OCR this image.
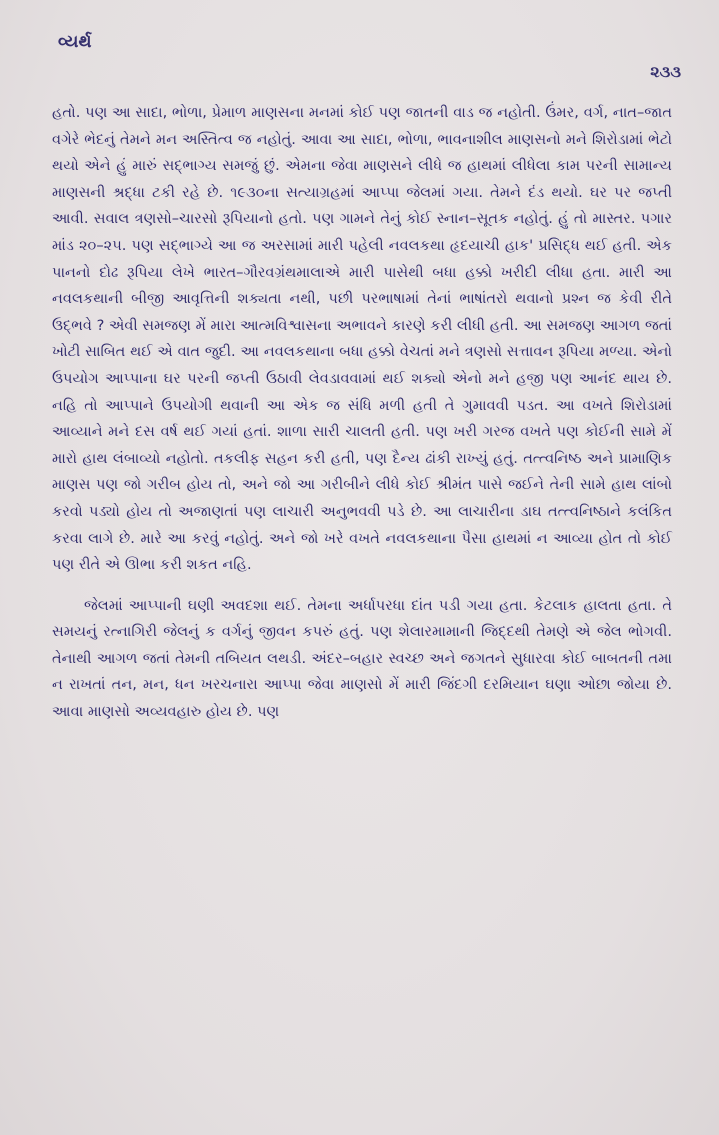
વ્યર્થ
૨૩૩

હતો. પણ આ સાદા, ભોળા, પ્રેમાળ માણસના મનમાં કોઈ પણ જાતની વાડ જ નહોતી. ઉંમર, વર્ગ, નાત–જાત વગેરે ભેદનું તેમને મન અસ્તિત્વ જ નહોતું. આવા આ સાદા, ભોળા, ભાવનાશીલ માણસનો મને શિરોડામાં ભેટો થયો એને હું મારું સદ્ભાગ્ય સમજું છું. એમના જેવા માણસને લીધે જ હાથમાં લીધેલા કામ પરની સામાન્ય માણસની શ્રદ્ધા ટકી રહે છે. ૧૯૩૦ના સત્યાગ્રહમાં આપ્પા જેલમાં ગયા. તેમને દંડ થયો. ઘર પર જપ્તી આવી. સવાલ ત્રણસો–ચારસો રૂપિયાનો હતો. પણ ગામને તેનું કોઈ સ્નાન–સૂતક નહોતું. હું તો માસ્તર. પગાર માંડ ૨૦–૨૫. પણ સદ્ભાગ્યે આ જ અરસામાં મારી પહેલી નવલકથા હૃદયાચી હાક' પ્રસિદ્ધ થઈ હતી. એક પાનનો દોઢ રૂપિયા લેખે ભારત–ગૌરવગ્રંથમાલાએ મારી પાસેથી બધા હક્કો ખરીદી લીધા હતા. મારી આ નવલકથાની બીજી આવૃત્તિની શક્યતા નથી, પછી પરભાષામાં તેનાં ભાષાંતરો થવાનો પ્રશ્ન જ કેવી રીતે ઉદ્ભવે ? એવી સમજણ મેં મારા આત્મવિશ્વાસના અભાવને કારણે કરી લીધી હતી. આ સમજણ આગળ જતાં ખોટી સાબિત થઈ એ વાત જુદી. આ નવલકથાના બધા હક્કો વેચતાં મને ત્રણસો સત્તાવન રૂપિયા મળ્યા. એનો ઉપયોગ આપ્પાના ઘર પરની જપ્તી ઉઠાવી લેવડાવવામાં થઈ શક્યો એનો મને હજી પણ આનંદ થાય છે. નહિ તો આપ્પાને ઉપયોગી થવાની આ એક જ સંધિ મળી હતી તે ગુમાવવી પડત. આ વખતે શિરોડામાં આવ્યાને મને દસ વર્ષ થઈ ગયાં હતાં. શાળા સારી ચાલતી હતી. પણ ખરી ગરજ વખતે પણ કોઈની સામે મેં મારો હાથ લંબાવ્યો નહોતો. તકલીફ સહન કરી હતી, પણ દૈન્ય ઢાંકી રાખ્યું હતું. તત્ત્વનિષ્ઠ અને પ્રામાણિક માણસ પણ જો ગરીબ હોય તો, અને જો આ ગરીબીને લીધે કોઈ શ્રીમંત પાસે જઈને તેની સામે હાથ લાંબો કરવો પડ્યો હોય તો અજાણતાં પણ લાચારી અનુભવવી પડે છે. આ લાચારીના ડાઘ તત્ત્વનિષ્ઠાને કલંકિત કરવા લાગે છે. મારે આ કરવું નહોતું. અને જો ખરે વખતે નવલકથાના પૈસા હાથમાં ન આવ્યા હોત તો કોઈ પણ રીતે એ ઊભા કરી શકત નહિ.

જેલમાં આપ્પાની ઘણી અવદશા થઈ. તેમના અર્ધાપરધા દાંત પડી ગયા હતા. કેટલાક હાલતા હતા. તે સમયનું રત્નાગિરી જેલનું ક વર્ગનું જીવન કપરું હતું. પણ શેલારમામાની જિદ્દથી તેમણે એ જેલ ભોગવી. તેનાથી આગળ જતાં તેમની તબિયત લથડી. અંદર–બહાર સ્વચ્છ અને જગતને સુધારવા કોઈ બાબતની તમા ન રાખતાં તન, મન, ધન ખરચનારા આપ્પા જેવા માણસો મેં મારી જિંદગી દરમિયાન ઘણા ઓછા જોયા છે. આવા માણસો અવ્યવહારુ હોય છે. પણ
